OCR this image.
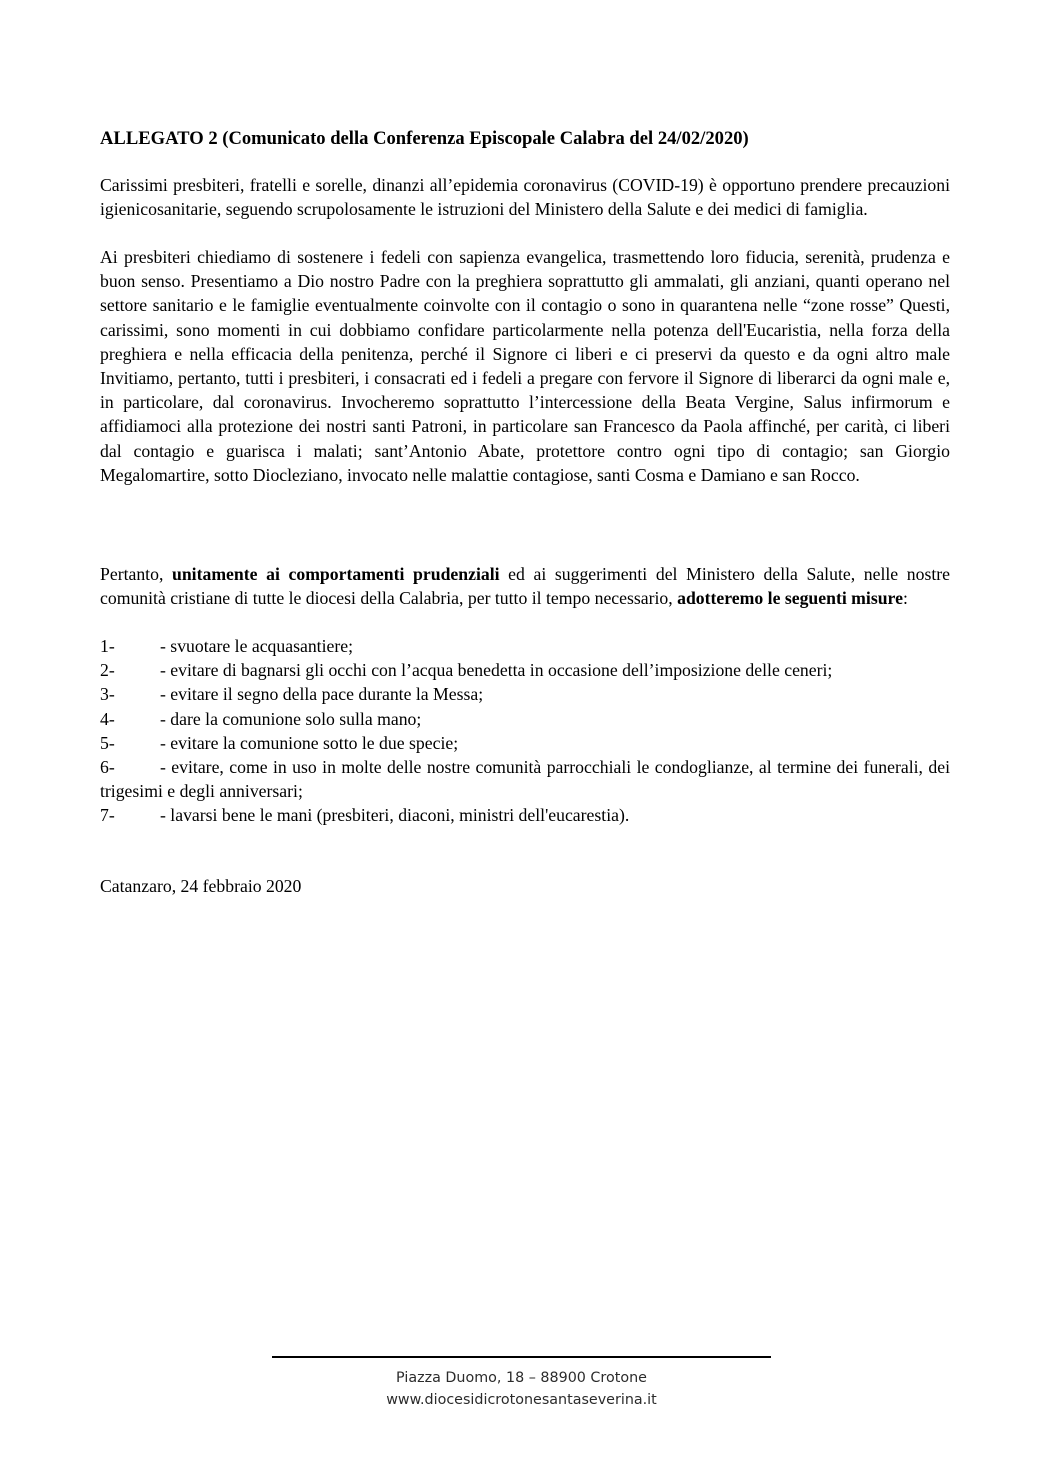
ALLEGATO 2 (Comunicato della Conferenza Episcopale Calabra del 24/02/2020)
Carissimi presbiteri, fratelli e sorelle, dinanzi all’epidemia coronavirus (COVID-19) è opportuno prendere precauzioni igienicosanitarie, seguendo scrupolosamente le istruzioni del Ministero della Salute e dei medici di famiglia.
Ai presbiteri chiediamo di sostenere i fedeli con sapienza evangelica, trasmettendo loro fiducia, serenità, prudenza e buon senso. Presentiamo a Dio nostro Padre con la preghiera soprattutto gli ammalati, gli anziani, quanti operano nel settore sanitario e le famiglie eventualmente coinvolte con il contagio o sono in quarantena nelle “zone rosse” Questi, carissimi, sono momenti in cui dobbiamo confidare particolarmente nella potenza dell'Eucaristia, nella forza della preghiera e nella efficacia della penitenza, perché il Signore ci liberi e ci preservi da questo e da ogni altro male Invitiamo, pertanto, tutti i presbiteri, i consacrati ed i fedeli a pregare con fervore il Signore di liberarci da ogni male e, in particolare, dal coronavirus. Invocheremo soprattutto l’intercessione della Beata Vergine, Salus infirmorum e affidiamoci alla protezione dei nostri santi Patroni, in particolare san Francesco da Paola affinché, per carità, ci liberi dal contagio e guarisca i malati; sant’Antonio Abate, protettore contro ogni tipo di contagio; san Giorgio Megalomartire, sotto Diocleziano, invocato nelle malattie contagiose, santi Cosma e Damiano e san Rocco.
Pertanto, unitamente ai comportamenti prudenziali ed ai suggerimenti del Ministero della Salute, nelle nostre comunità cristiane di tutte le diocesi della Calabria, per tutto il tempo necessario, adotteremo le seguenti misure:
1-	- svuotare le acquasantiere;
2-	- evitare di bagnarsi gli occhi con l’acqua benedetta in occasione dell’imposizione delle ceneri;
3-	- evitare il segno della pace durante la Messa;
4-	- dare la comunione solo sulla mano;
5-	- evitare la comunione sotto le due specie;
6-	- evitare, come in uso in molte delle nostre comunità parrocchiali le condoglianze, al termine dei funerali, dei trigesimi e degli anniversari;
7-	- lavarsi bene le mani (presbiteri, diaconi, ministri dell'eucarestia).
Catanzaro, 24 febbraio 2020
Piazza Duomo, 18 – 88900 Crotone
www.diocesidicrotonesantaseverina.it
